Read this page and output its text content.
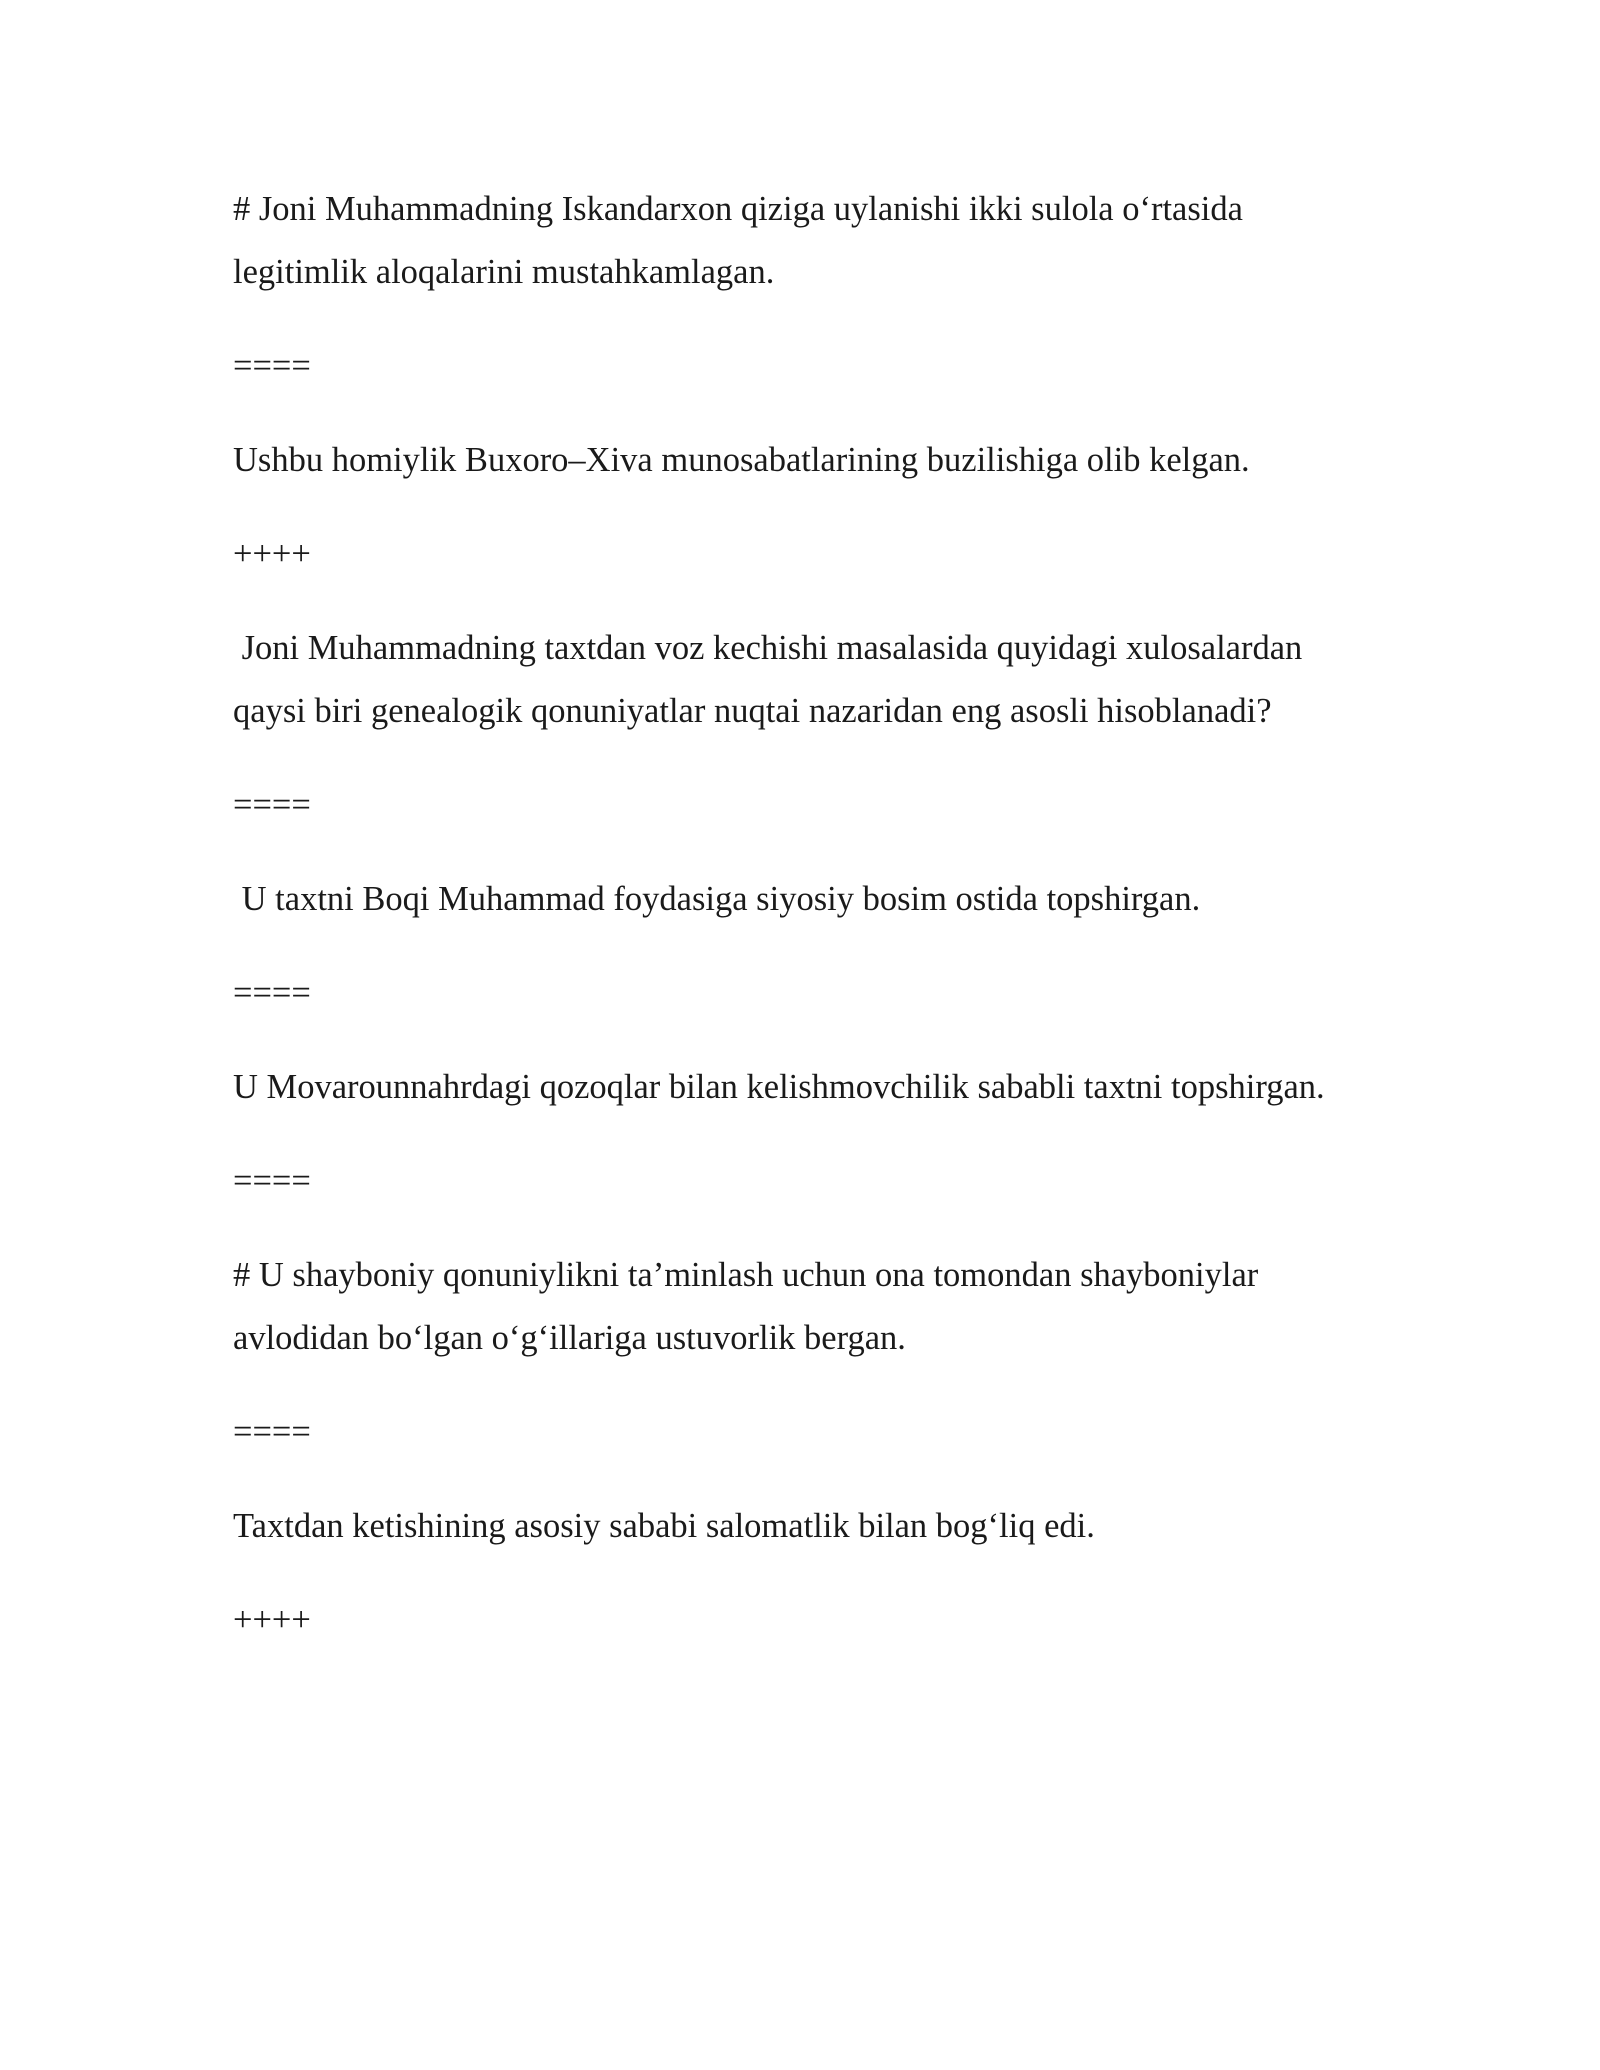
# Joni Muhammadning Iskandarxon qiziga uylanishi ikki sulola o‘rtasida legitimlik aloqalarini mustahkamlagan.

====

Ushbu homiylik Buxoro–Xiva munosabatlarining buzilishiga olib kelgan.

++++

Joni Muhammadning taxtdan voz kechishi masalasida quyidagi xulosalardan qaysi biri genealogik qonuniyatlar nuqtai nazaridan eng asosli hisoblanadi?

====

U taxtni Boqi Muhammad foydasiga siyosiy bosim ostida topshirgan.

====

U Movarounnahrdagi qozoqlar bilan kelishmovchilik sababli taxtni topshirgan.

====

# U shayboniy qonuniylikni ta’minlash uchun ona tomondan shayboniylar avlodidan bo‘lgan o‘g‘illariga ustuvorlik bergan.

====

Taxtdan ketishining asosiy sababi salomatlik bilan bog‘liq edi.

++++
